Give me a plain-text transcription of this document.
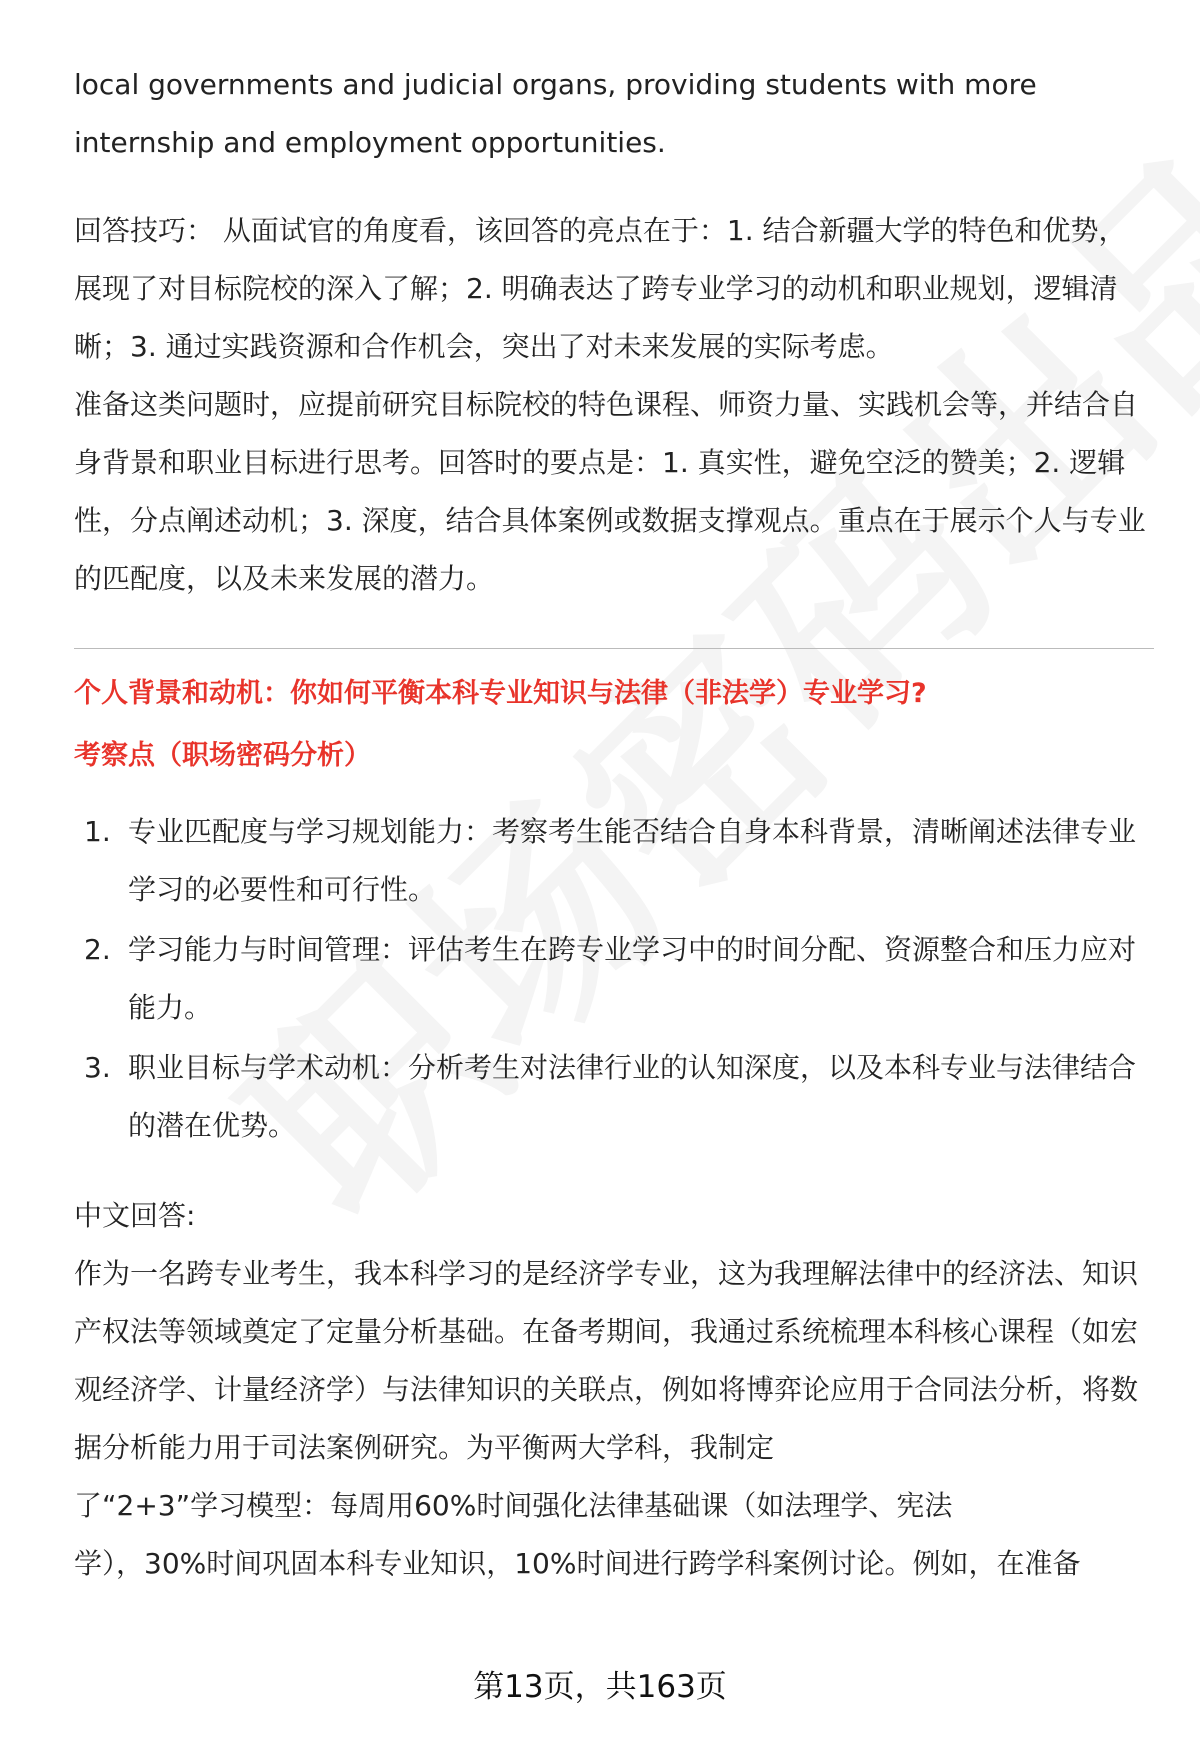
local governments and judicial organs, providing students with more internship and employment opportunities.

回答技巧： 从面试官的角度看，该回答的亮点在于：1. 结合新疆大学的特色和优势，展现了对目标院校的深入了解；2. 明确表达了跨专业学习的动机和职业规划，逻辑清晰；3. 通过实践资源和合作机会，突出了对未来发展的实际考虑。

准备这类问题时，应提前研究目标院校的特色课程、师资力量、实践机会等，并结合自身背景和职业目标进行思考。回答时的要点是：1. 真实性，避免空泛的赞美；2. 逻辑性，分点阐述动机；3. 深度，结合具体案例或数据支撑观点。重点在于展示个人与专业的匹配度，以及未来发展的潜力。

个人背景和动机：你如何平衡本科专业知识与法律（非法学）专业学习?

考察点（职场密码分析）

1. 专业匹配度与学习规划能力：考察考生能否结合自身本科背景，清晰阐述法律专业学习的必要性和可行性。
2. 学习能力与时间管理：评估考生在跨专业学习中的时间分配、资源整合和压力应对能力。
3. 职业目标与学术动机：分析考生对法律行业的认知深度，以及本科专业与法律结合的潜在优势。

中文回答:

作为一名跨专业考生，我本科学习的是经济学专业，这为我理解法律中的经济法、知识产权法等领域奠定了定量分析基础。在备考期间，我通过系统梳理本科核心课程（如宏观经济学、计量经济学）与法律知识的关联点，例如将博弈论应用于合同法分析，将数据分析能力用于司法案例研究。为平衡两大学科，我制定

了“2+3”学习模型：每周用60%时间强化法律基础课（如法理学、宪法

学），30%时间巩固本科专业知识，10%时间进行跨学科案例讨论。例如，在准备

第13页，共163页
